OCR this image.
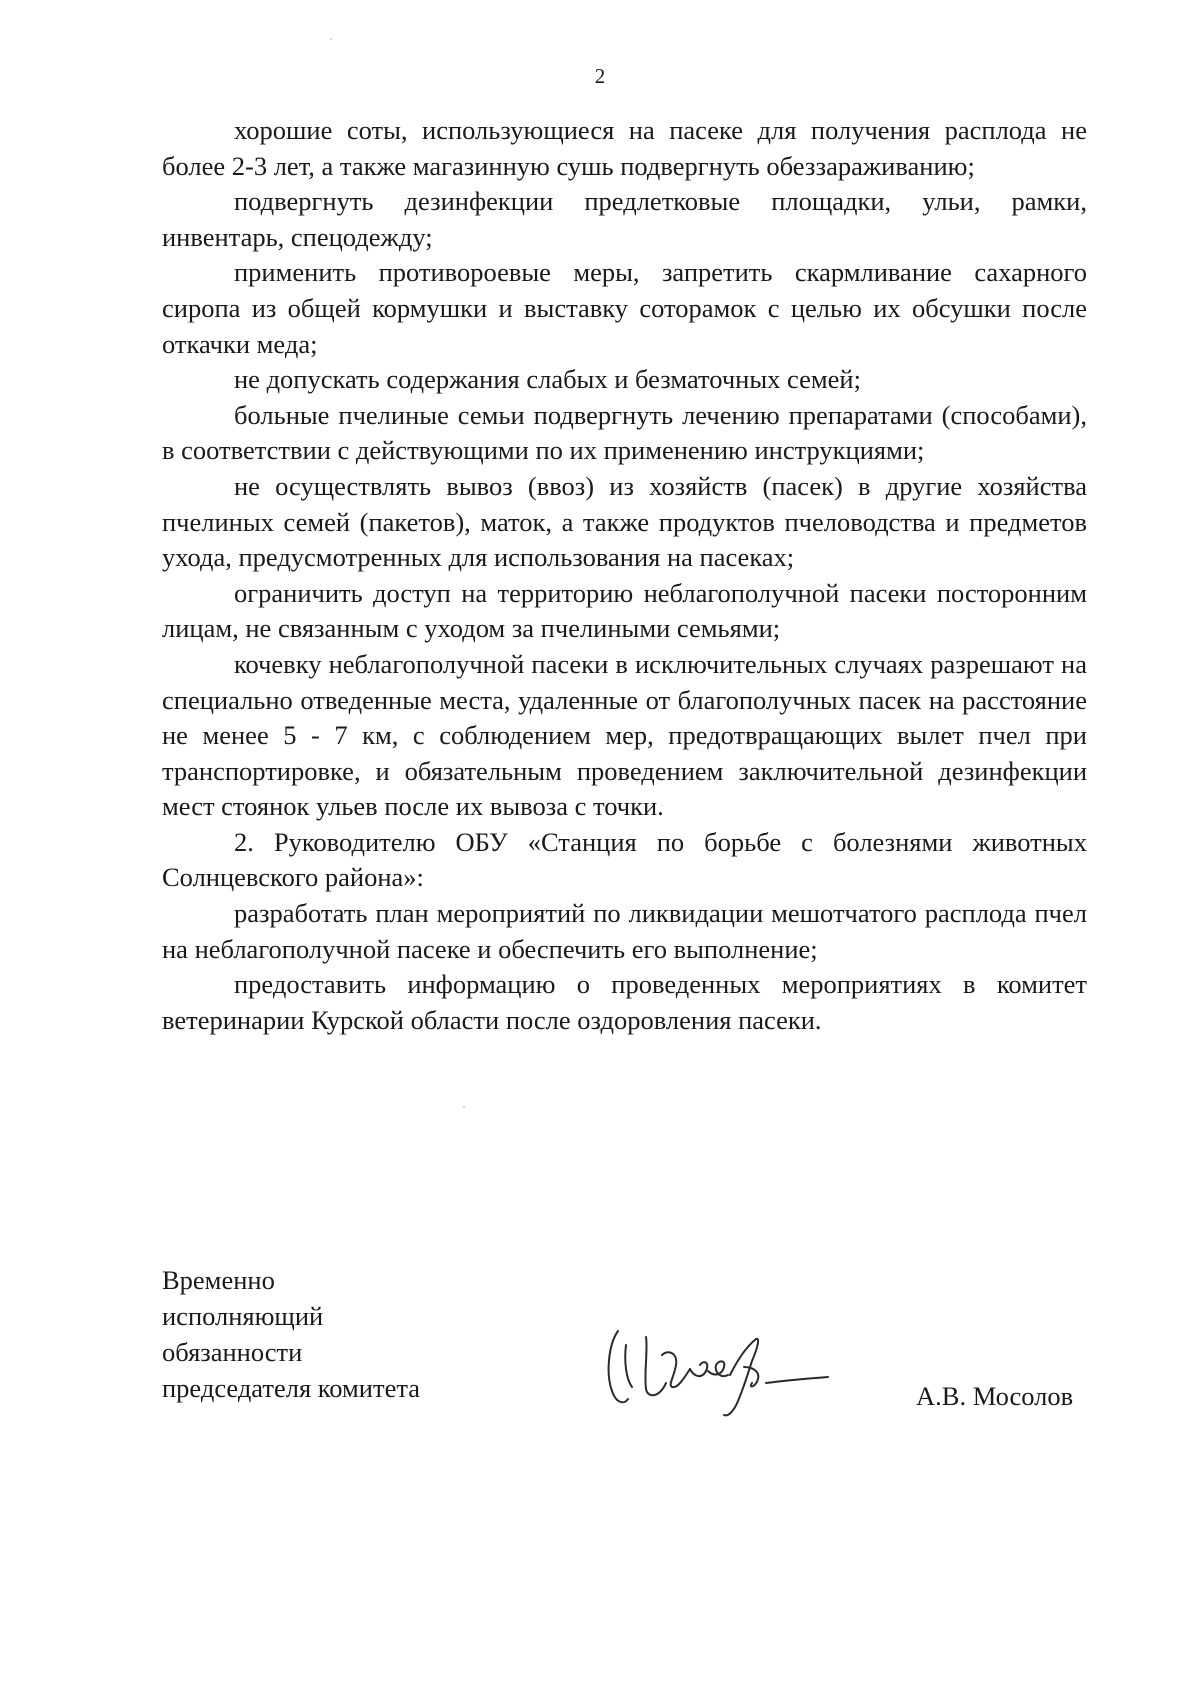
2

хорошие соты, использующиеся на пасеке для получения расплода не более 2-3 лет, а также магазинную сушь подвергнуть обеззараживанию;

подвергнуть дезинфекции предлетковые площадки, ульи, рамки, инвентарь, спецодежду;

применить противороевые меры, запретить скармливание сахарного сиропа из общей кормушки и выставку соторамок с целью их обсушки после откачки меда;

не допускать содержания слабых и безматочных семей;

больные пчелиные семьи подвергнуть лечению препаратами (способами), в соответствии с действующими по их применению инструкциями;

не осуществлять вывоз (ввоз) из хозяйств (пасек) в другие хозяйства пчелиных семей (пакетов), маток, а также продуктов пчеловодства и предметов ухода, предусмотренных для использования на пасеках;

ограничить доступ на территорию неблагополучной пасеки посторонним лицам, не связанным с уходом за пчелиными семьями;

кочевку неблагополучной пасеки в исключительных случаях разрешают на специально отведенные места, удаленные от благополучных пасек на расстояние не менее 5 - 7 км, с соблюдением мер, предотвращающих вылет пчел при транспортировке, и обязательным проведением заключительной дезинфекции мест стоянок ульев после их вывоза с точки.

2. Руководителю ОБУ «Станция по борьбе с болезнями животных Солнцевского района»:

разработать план мероприятий по ликвидации мешотчатого расплода пчел на неблагополучной пасеке и обеспечить его выполнение;

предоставить информацию о проведенных мероприятиях в комитет ветеринарии Курской области после оздоровления пасеки.

Временно
исполняющий
обязанности
председателя комитета	А.В. Мосолов
